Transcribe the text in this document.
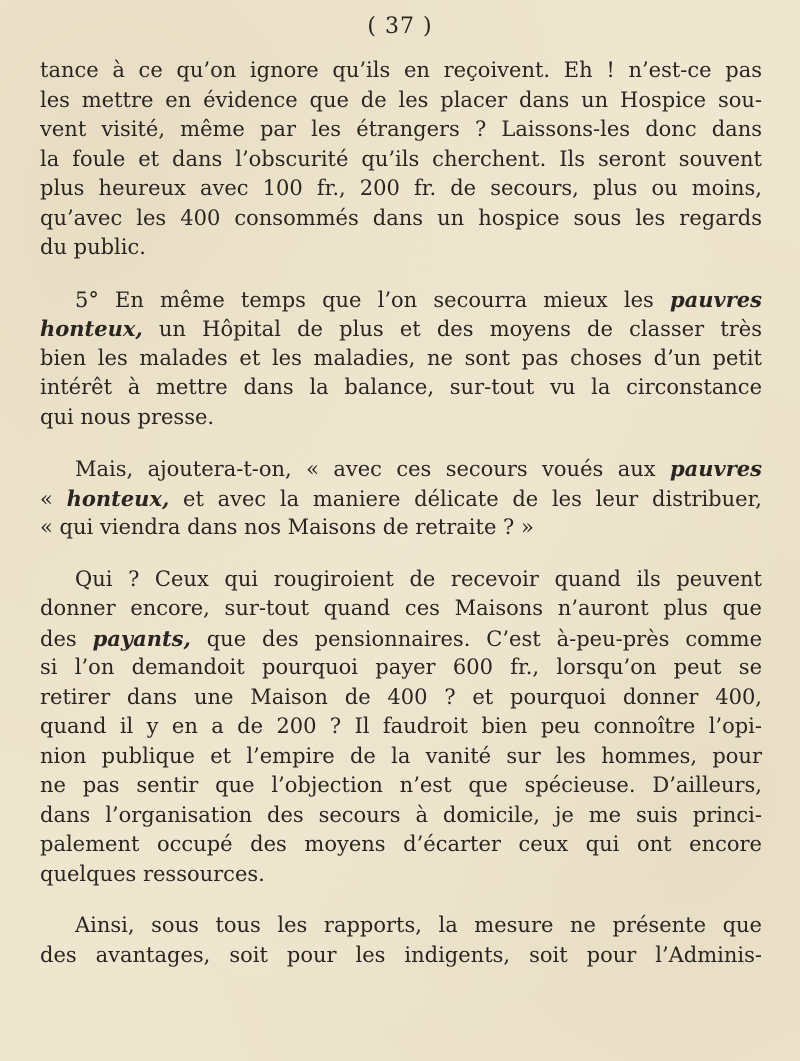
( 37 )

tance à ce qu’on ignore qu’ils en reçoivent. Eh ! n’est-ce pas
les mettre en évidence que de les placer dans un Hospice sou-
vent visité, même par les étrangers ? Laissons-les donc dans
la foule et dans l’obscurité qu’ils cherchent. Ils seront souvent
plus heureux avec 100 fr., 200 fr. de secours, plus ou moins,
qu’avec les 400 consommés dans un hospice sous les regards
du public.

5° En même temps que l’on secourra mieux les pauvres
honteux, un Hôpital de plus et des moyens de classer très
bien les malades et les maladies, ne sont pas choses d’un petit
intérêt à mettre dans la balance, sur-tout vu la circonstance
qui nous presse.

Mais, ajoutera-t-on, « avec ces secours voués aux pauvres
« honteux, et avec la maniere délicate de les leur distribuer,
« qui viendra dans nos Maisons de retraite ? »

Qui ? Ceux qui rougiroient de recevoir quand ils peuvent
donner encore, sur-tout quand ces Maisons n’auront plus que
des payants, que des pensionnaires. C’est à-peu-près comme
si l’on demandoit pourquoi payer 600 fr., lorsqu’on peut se
retirer dans une Maison de 400 ? et pourquoi donner 400,
quand il y en a de 200 ? Il faudroit bien peu connoître l’opi-
nion publique et l’empire de la vanité sur les hommes, pour
ne pas sentir que l’objection n’est que spécieuse. D’ailleurs,
dans l’organisation des secours à domicile, je me suis princi-
palement occupé des moyens d’écarter ceux qui ont encore
quelques ressources.

Ainsi, sous tous les rapports, la mesure ne présente que
des avantages, soit pour les indigents, soit pour l’Adminis-
